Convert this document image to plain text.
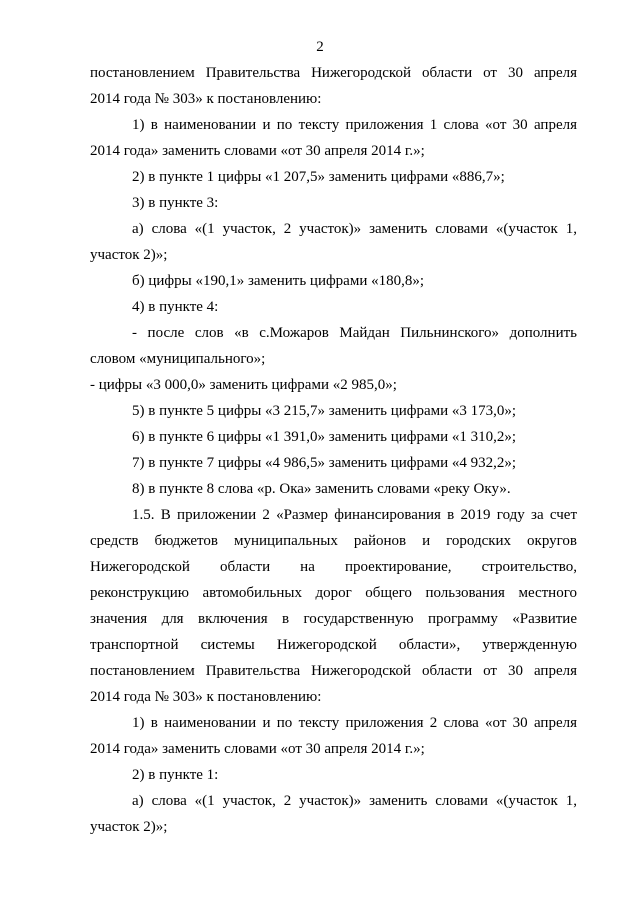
2
постановлением Правительства Нижегородской области от 30 апреля
2014 года № 303» к постановлению:
1) в наименовании и по тексту приложения 1 слова «от 30 апреля
2014 года» заменить словами «от 30 апреля 2014 г.»;
2) в пункте 1 цифры «1 207,5» заменить цифрами «886,7»;
3) в пункте 3:
а) слова «(1 участок, 2 участок)» заменить словами «(участок 1,
участок 2)»;
б) цифры «190,1» заменить цифрами «180,8»;
4) в пункте 4:
- после слов «в с.Можаров Майдан Пильнинского» дополнить
словом «муниципального»;
- цифры «3 000,0» заменить цифрами «2 985,0»;
5) в пункте 5 цифры «3 215,7» заменить цифрами «3 173,0»;
6) в пункте 6 цифры «1 391,0» заменить цифрами «1 310,2»;
7) в пункте 7 цифры «4 986,5» заменить цифрами «4 932,2»;
8) в пункте 8 слова «р. Ока» заменить словами «реку Оку».
1.5. В приложении 2 «Размер финансирования в 2019 году за счет
средств бюджетов муниципальных районов и городских округов
Нижегородской области на проектирование, строительство,
реконструкцию автомобильных дорог общего пользования местного
значения для включения в государственную программу «Развитие
транспортной системы Нижегородской области», утвержденную
постановлением Правительства Нижегородской области от 30 апреля
2014 года № 303» к постановлению:
1) в наименовании и по тексту приложения 2 слова «от 30 апреля
2014 года» заменить словами «от 30 апреля 2014 г.»;
2) в пункте 1:
а) слова «(1 участок, 2 участок)» заменить словами «(участок 1,
участок 2)»;
